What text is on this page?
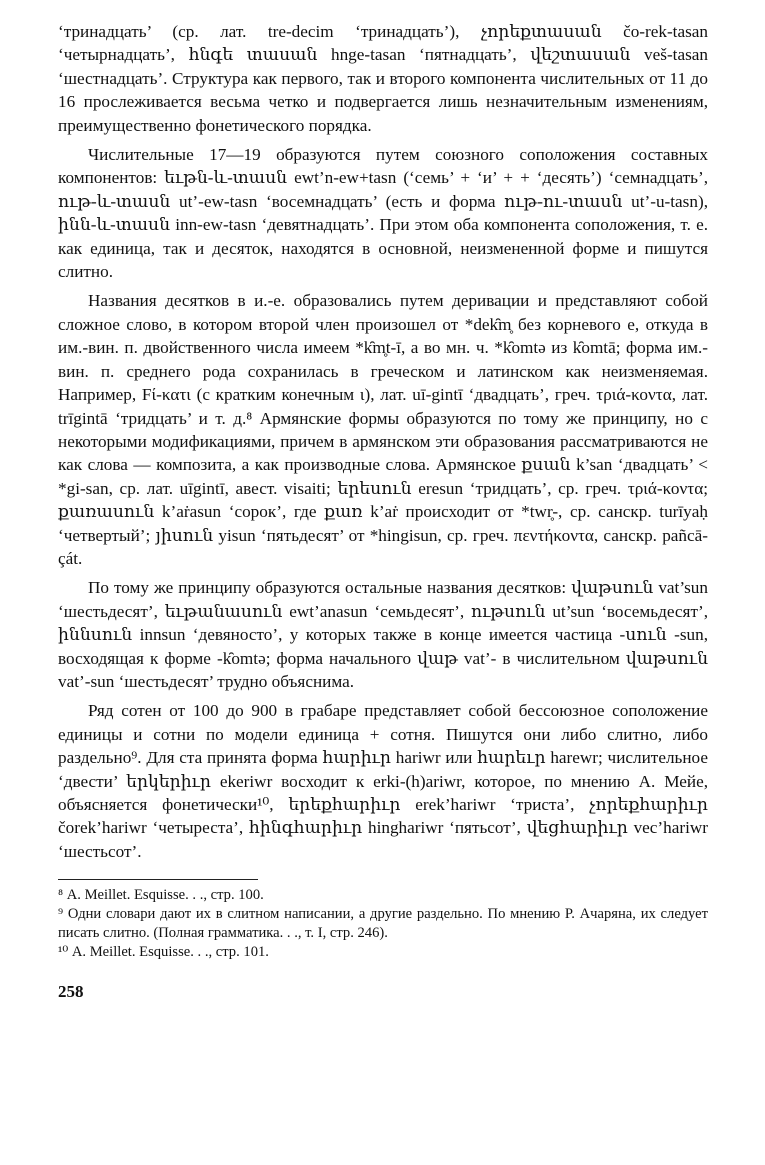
‘тринадцать’ (ср. лат. tre-decim ‘тринадцать’), չորեքտասան čo-rek-tasan ‘четырнадцать’, հնգե տասան hnge-tasan ‘пятнадцать’, վեշտասան veš-tasan ‘шестнадцать’. Структура как первого, так и второго компонента числительных от 11 до 16 прослеживается весьма четко и подвергается лишь незначительным изменениям, преимущественно фонетического порядка.

Числительные 17—19 образуются путем союзного соположения составных компонентов: եւթն-և-տասն ewt’n-ew+tasn (‘семь’ + ‘и’ + + ‘десять’) ‘семнадцать’, ութ-և-տասն ut’-ew-tasn ‘восемнадцать’ (есть и форма ութ-ու-տասն ut’-u-tasn), ինն-և-տասն inn-ew-tasn ‘девятнадцать’. При этом оба компонента соположения, т. е. как единица, так и десяток, находятся в основной, неизмененной форме и пишутся слитно.

Названия десятков в и.-е. образовались путем деривации и представляют собой сложное слово, в котором второй член произошел от *dek̑m̥ без корневого e, откуда в им.-вин. п. двойственного числа имеем *k̑m̥t-ī, а во мн. ч. *k̑omtə из k̑omtā; форма им.-вин. п. среднего рода сохранилась в греческом и латинском как неизменяемая. Например, Fί-κατι (с кратким конечным ι), лат. uī-gintī ‘двадцать’, греч. τριά-κοντα, лат. trīgintā ‘тридцать’ и т. д.⁸ Армянские формы образуются по тому же принципу, но с некоторыми модификациями, причем в армянском эти образования рассматриваются не как слова — композита, а как производные слова. Армянское քսան k’san ‘двадцать’ < *gi-san, ср. лат. uīgintī, авест. visaiti; երեսուն eresun ‘тридцать’, ср. греч. τριά-κοντα; քառասուն k’aṙasun ‘сорок’, где քառ k’aṙ происходит от *twr̥-, ср. санскр. turīyaḥ ‘четвертый’; յիսուն yisun ‘пятьдесят’ от *hingisun, ср. греч. πεντήκοντα, санскр. pañcā-çát.

По тому же принципу образуются остальные названия десятков: վաթսուն vat’sun ‘шестьдесят’, եւթանասուն ewt’anasun ‘семьдесят’, ութսուն ut’sun ‘восемьдесят’, իննսուն innsun ‘девяносто’, у которых также в конце имеется частица -սուն -sun, восходящая к форме -k̑omtə; форма начального վաթ vat’- в числительном վաթսուն vat’-sun ‘шестьдесят’ трудно объяснима.

Ряд сотен от 100 до 900 в грабаре представляет собой бессоюзное соположение единицы и сотни по модели единица + сотня. Пишутся они либо слитно, либо раздельно⁹. Для ста принята форма հարիւր hariwr или հարեւր harewr; числительное ‘двести’ երկերիւր ekeriwr восходит к erki-(h)ariwr, которое, по мнению А. Мейе, объясняется фонетически¹⁰, երեքհարիւր erek’hariwr ‘триста’, չորեքհարիւր čorek’hariwr ‘четыреста’, հինգհարիւր hinghariwr ‘пятьсот’, վեցհարիւր vec’hariwr ‘шестьсот’.

⁸ А. Meillet. Esquisse. . ., стр. 100.

⁹ Одни словари дают их в слитном написании, а другие раздельно. По мнению Р. Ачаряна, их следует писать слитно. (Полная грамматика. . ., т. I, стр. 246).

¹⁰ А. Meillet. Esquisse. . ., стр. 101.

258
